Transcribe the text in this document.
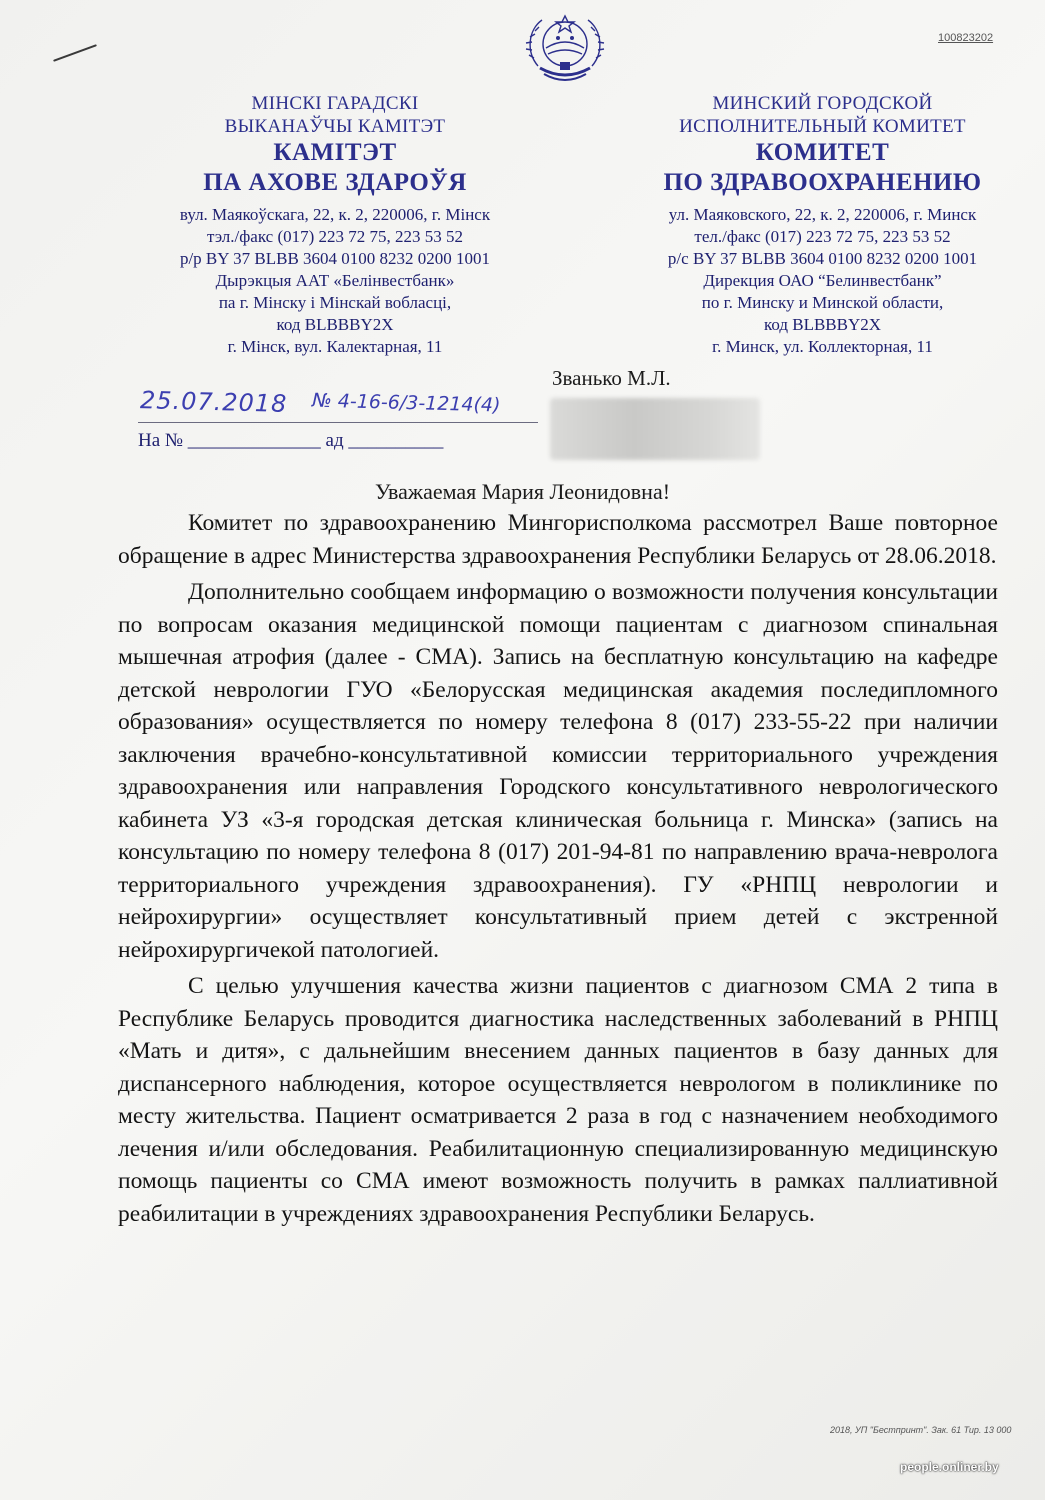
100823202
МІНСКІ ГАРАДСКІ
ВЫКАНАЎЧЫ КАМІТЭТ
КАМІТЭТ
ПА АХОВЕ ЗДАРОЎЯ
вул. Маякоўскага, 22, к. 2, 220006, г. Мінск
тэл./факс (017) 223 72 75, 223 53 52
р/р BY 37 BLBB 3604 0100 8232 0200 1001
Дырэкцыя ААТ «Белінвестбанк»
па г. Мінску і Мінскай вобласці,
код BLBBBY2X
г. Мінск, вул. Калектарная, 11
МИНСКИЙ ГОРОДСКОЙ
ИСПОЛНИТЕЛЬНЫЙ КОМИТЕТ
КОМИТЕТ
ПО ЗДРАВООХРАНЕНИЮ
ул. Маяковского, 22, к. 2, 220006, г. Минск
тел./факс (017) 223 72 75, 223 53 52
р/с BY 37 BLBB 3604 0100 8232 0200 1001
Дирекция ОАО “Белинвестбанк”
по г. Минску и Минской области,
код BLBBBY2X
г. Минск, ул. Коллекторная, 11
25.07.2018 № 4-16-6/3-1214(4)
На № ______________ ад __________
Званько М.Л.
Уважаемая Мария Леонидовна!

Комитет по здравоохранению Мингорисполкома рассмотрел Ваше повторное обращение в адрес Министерства здравоохранения Республики Беларусь от 28.06.2018.

Дополнительно сообщаем информацию о возможности получения консультации по вопросам оказания медицинской помощи пациентам с диагнозом спинальная мышечная атрофия (далее - СМА). Запись на бесплатную консультацию на кафедре детской неврологии ГУО «Белорусская медицинская академия последипломного образования» осуществляется по номеру телефона 8 (017) 233-55-22 при наличии заключения врачебно-консультативной комиссии территориального учреждения здравоохранения или направления Городского консультативного неврологического кабинета УЗ «3-я городская детская клиническая больница г. Минска» (запись на консультацию по номеру телефона 8 (017) 201-94-81 по направлению врача-невролога территориального учреждения здравоохранения). ГУ «РНПЦ неврологии и нейрохирургии» осуществляет консультативный прием детей с экстренной нейрохирургичекой патологией.

С целью улучшения качества жизни пациентов с диагнозом СМА 2 типа в Республике Беларусь проводится диагностика наследственных заболеваний в РНПЦ «Мать и дитя», с дальнейшим внесением данных пациентов в базу данных для диспансерного наблюдения, которое осуществляется неврологом в поликлинике по месту жительства. Пациент осматривается 2 раза в год с назначением необходимого лечения и/или обследования. Реабилитационную специализированную медицинскую помощь пациенты со СМА имеют возможность получить в рамках паллиативной реабилитации в учреждениях здравоохранения Республики Беларусь.

2018, УП "Бестпринт". Зак. 61 Тир. 13 000
people.onliner.by
